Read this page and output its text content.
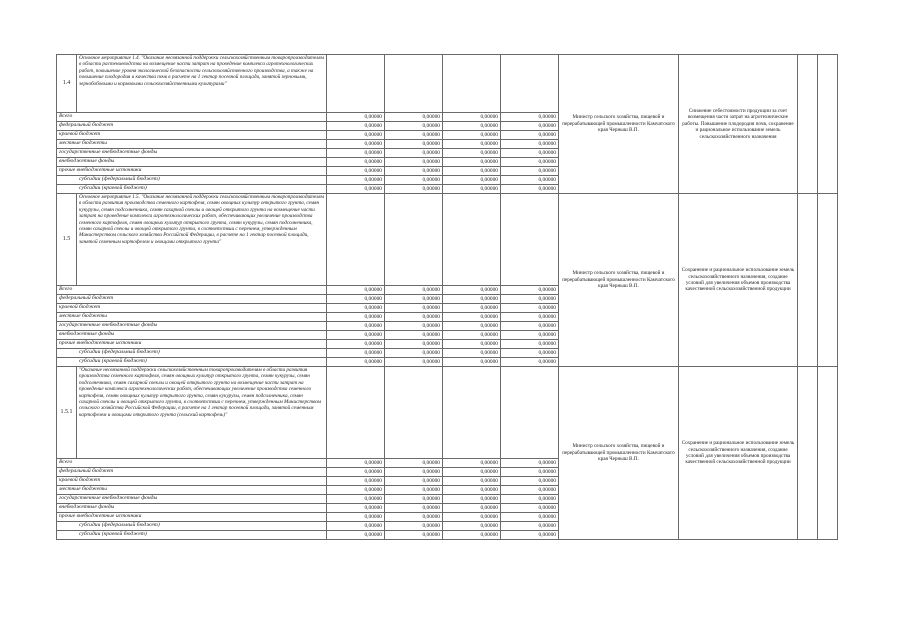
1.4	Основное мероприятие 1.4. "Оказание несвязанной поддержки сельскохозяйственным товаропроизводителям в области растениеводства на возмещение части затрат на проведение комплекса агротехнологических работ, повышение уровня экологической безопасности сельскохозяйственного производства, а также на повышение плодородия и качества почв в расчете на 1 гектар посевной площади, занятой зерновыми, зернобобовыми и кормовыми сельскохозяйственными культурами"					Министр сельского хозяйства, пищевой и перерабатывающей промышленности Камчатского края Черныш В.П.	Снижение себестоимости продукции за счет возмещения части затрат на агротехнические работы. Повышение плодородия почв, сохранение и рациональное использование земель сельскохозяйственного назначения		
Всего		0,00000	0,00000	0,00000	0,00000				
федеральный бюджет		0,00000	0,00000	0,00000	0,00000				
краевой бюджет		0,00000	0,00000	0,00000	0,00000				
местные бюджеты		0,00000	0,00000	0,00000	0,00000				
государственные внебюджетные фонды		0,00000	0,00000	0,00000	0,00000				
внебюджетные фонды		0,00000	0,00000	0,00000	0,00000				
прочие внебюджетные источники		0,00000	0,00000	0,00000	0,00000				
субсидии (федеральный бюджет)		0,00000	0,00000	0,00000	0,00000				
субсидии (краевой бюджет)		0,00000	0,00000	0,00000	0,00000				
1.5	Основное мероприятие 1.5. "Оказание несвязанной поддержки сельскохозяйственным товаропроизводителям в области развития производства семенного картофеля, семян овощных культур открытого грунта, семян кукурузы, семян подсолнечника, семян сахарной свеклы и овощей открытого грунта на возмещение части затрат на проведение комплекса агротехнологических работ, обеспечивающих увеличение производства семенного картофеля, семян овощных культур открытого грунта, семян кукурузы, семян подсолнечника, семян сахарной свеклы и овощей открытого грунта, в соответствии с перечнем, утвержденным Министерством сельского хозяйства Российской Федерации, в расчете на 1 гектар посевной площади, занятой семенным картофелем и овощами открытого грунта"					Министр сельского хозяйства, пищевой и перерабатывающей промышленности Камчатского края Черныш В.П.	Сохранение и рациональное использование земель сельскохозяйственного назначения, создание условий для увеличения объемов производства качественной сельскохозяйственной продукции		
Всего		0,00000	0,00000	0,00000	0,00000				
федеральный бюджет		0,00000	0,00000	0,00000	0,00000				
краевой бюджет		0,00000	0,00000	0,00000	0,00000				
местные бюджеты		0,00000	0,00000	0,00000	0,00000				
государственные внебюджетные фонды		0,00000	0,00000	0,00000	0,00000				
внебюджетные фонды		0,00000	0,00000	0,00000	0,00000				
прочие внебюджетные источники		0,00000	0,00000	0,00000	0,00000				
субсидии (федеральный бюджет)		0,00000	0,00000	0,00000	0,00000				
субсидии (краевой бюджет)		0,00000	0,00000	0,00000	0,00000				
1.5.1	"Оказание несвязанной поддержки сельскохозяйственным товаропроизводителям в области развития производства семенного картофеля, семян овощных культур открытого грунта, семян кукурузы, семян подсолнечника, семян сахарной свеклы и овощей открытого грунта на возмещение части затрат на проведение комплекса агротехнологических работ, обеспечивающих увеличение производства семенного картофеля, семян овощных культур открытого грунта, семян кукурузы, семян подсолнечника, семян сахарной свеклы и овощей открытого грунта, в соответствии с перечнем, утвержденным Министерством сельского хозяйства Российской Федерации, в расчете на 1 гектар посевной площади, занятой семенным картофелем и овощами открытого грунта (сельский картофель)"					Министр сельского хозяйства, пищевой и перерабатывающей промышленности Камчатского края Черныш В.П.	Сохранение и рациональное использование земель сельскохозяйственного назначения, создание условий для увеличения объемов производства качественной сельскохозяйственной продукции		
Всего		0,00000	0,00000	0,00000	0,00000				
федеральный бюджет		0,00000	0,00000	0,00000	0,00000				
краевой бюджет		0,00000	0,00000	0,00000	0,00000				
местные бюджеты		0,00000	0,00000	0,00000	0,00000				
государственные внебюджетные фонды		0,00000	0,00000	0,00000	0,00000				
внебюджетные фонды		0,00000	0,00000	0,00000	0,00000				
прочие внебюджетные источники		0,00000	0,00000	0,00000	0,00000				
субсидии (федеральный бюджет)		0,00000	0,00000	0,00000	0,00000				
субсидии (краевой бюджет)		0,00000	0,00000	0,00000	0,00000				
